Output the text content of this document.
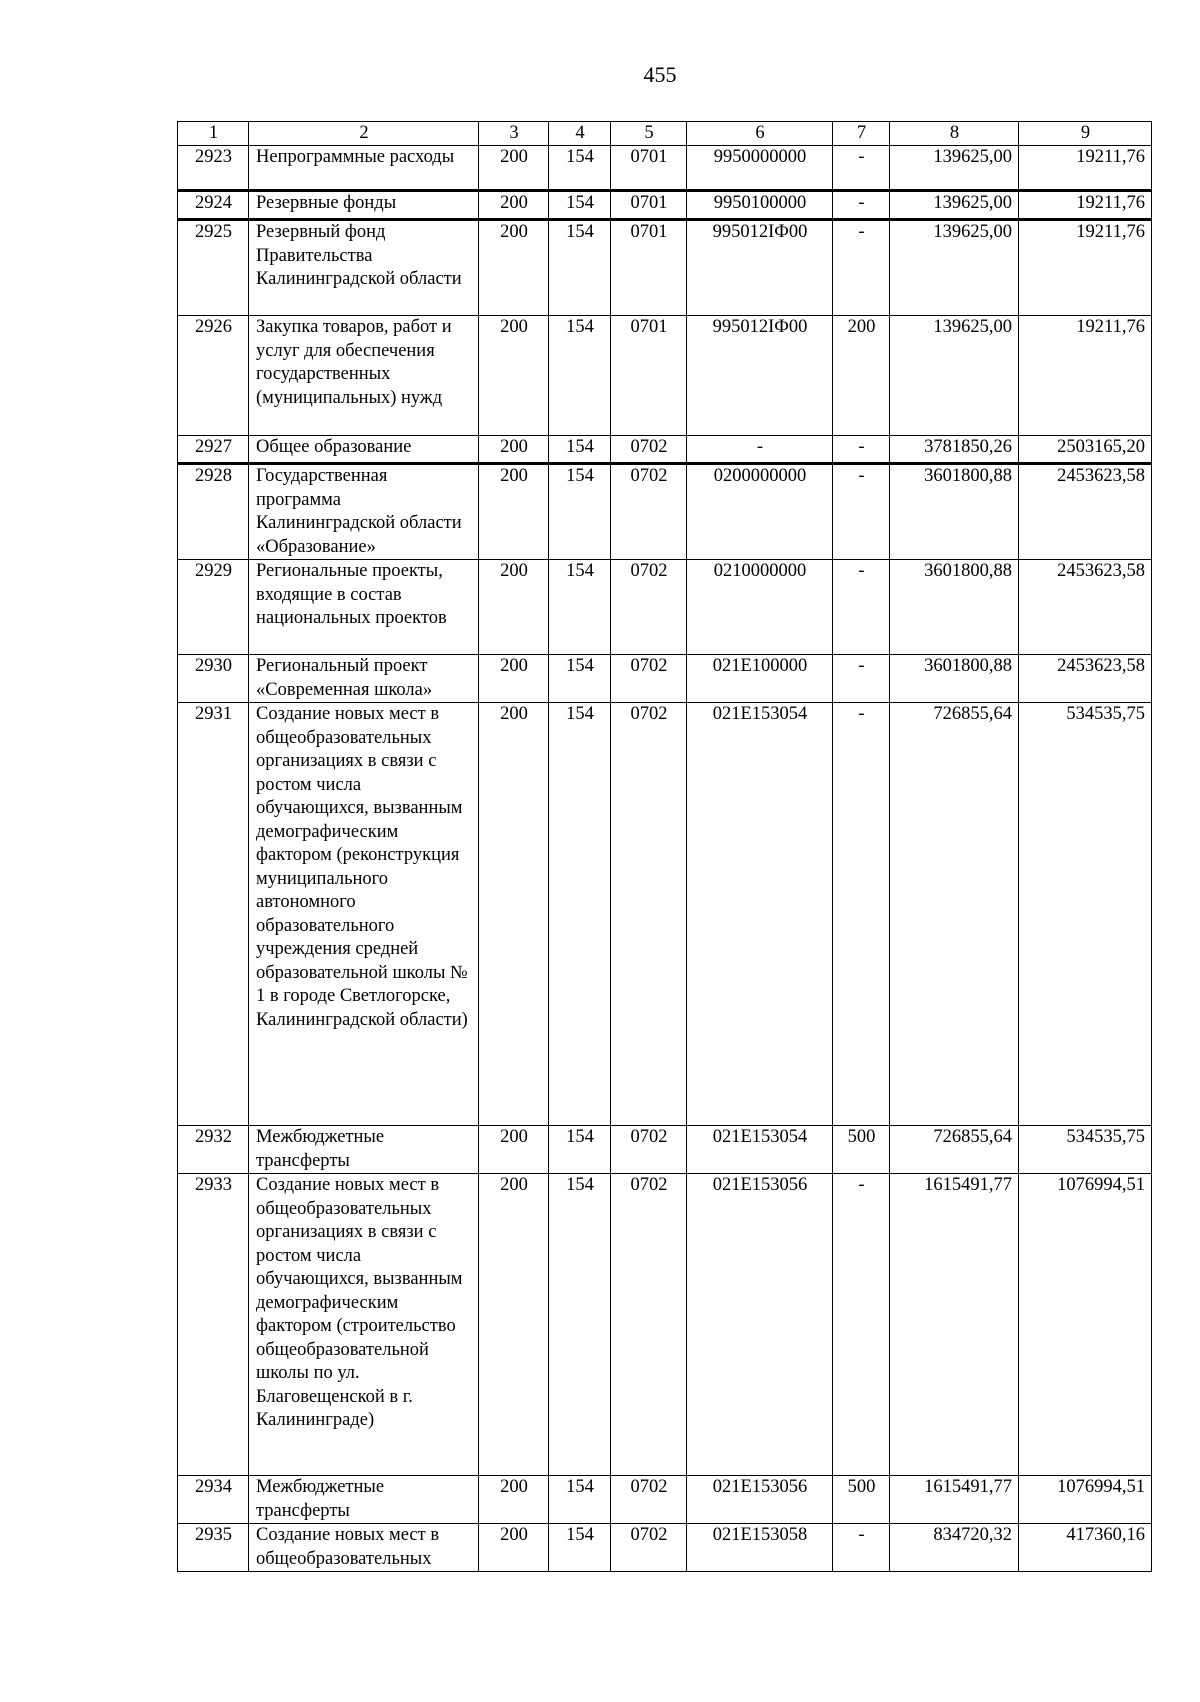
455
1	2	3	4	5	6	7	8	9
2923	Непрограммные расходы	200	154	0701	9950000000	-	139625,00	19211,76
2924	Резервные фонды	200	154	0701	9950100000	-	139625,00	19211,76
2925	Резервный фонд Правительства Калининградской области	200	154	0701	995012ІФ00	-	139625,00	19211,76
2926	Закупка товаров, работ и услуг для обеспечения государственных (муниципальных) нужд	200	154	0701	995012ІФ00	200	139625,00	19211,76
2927	Общее образование	200	154	0702	-	-	3781850,26	2503165,20
2928	Государственная программа Калининградской области «Образование»	200	154	0702	0200000000	-	3601800,88	2453623,58
2929	Региональные проекты, входящие в состав национальных проектов	200	154	0702	0210000000	-	3601800,88	2453623,58
2930	Региональный проект «Современная школа»	200	154	0702	021Е100000	-	3601800,88	2453623,58
2931	Создание новых мест в общеобразовательных организациях в связи с ростом числа обучающихся, вызванным демографическим фактором (реконструкция муниципального автономного образовательного учреждения средней образовательной школы № 1 в городе Светлогорске, Калининградской области)	200	154	0702	021Е153054	-	726855,64	534535,75
2932	Межбюджетные трансферты	200	154	0702	021Е153054	500	726855,64	534535,75
2933	Создание новых мест в общеобразовательных организациях в связи с ростом числа обучающихся, вызванным демографическим фактором (строительство общеобразовательной школы по ул. Благовещенской в г. Калининграде)	200	154	0702	021Е153056	-	1615491,77	1076994,51
2934	Межбюджетные трансферты	200	154	0702	021Е153056	500	1615491,77	1076994,51
2935	Создание новых мест в общеобразовательных	200	154	0702	021Е153058	-	834720,32	417360,16
